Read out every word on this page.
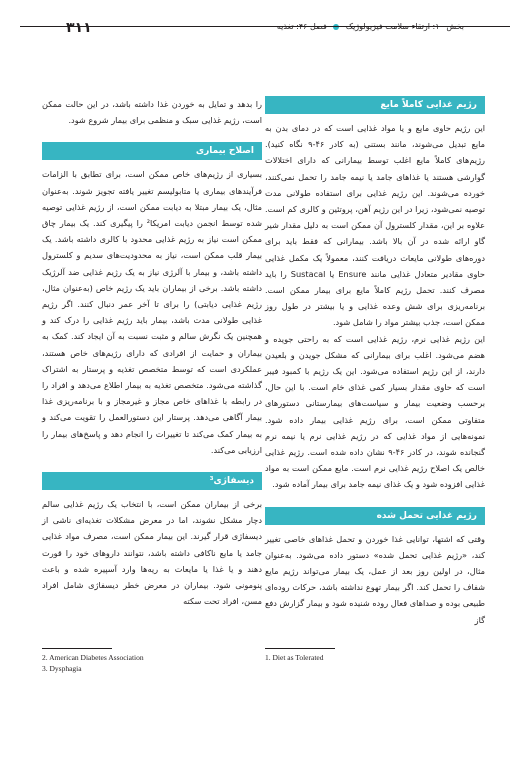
۳۱۱	بخش ۱۰: ارتقاء سلامت فیزیولوژیک  فصل ۴۶: تغذیه
رژیم غذایی کاملاً مایع

این رژیم حاوی مایع و یا مواد غذایی است که در دمای بدن به مایع تبدیل می‌شوند، مانند بستنی (به کادر ۴۶-۹ نگاه کنید). رژیم‌های کاملاً مایع اغلب توسط بیمارانی که دارای اختلالات گوارشی هستند یا غذاهای جامد یا نیمه جامد را تحمل نمی‌کنند، خورده می‌شوند. این رژیم غذایی برای استفاده طولانی مدت توصیه نمی‌شود، زیرا در این رژیم آهن، پروتئین و کالری کم است. علاوه بر این، مقدار کلسترول آن ممکن است به دلیل مقدار شیر گاو ارائه شده در آن بالا باشد. بیمارانی که فقط باید برای دوره‌های طولانی مایعات دریافت کنند، معمولاً یک مکمل غذایی حاوی مقادیر متعادل غذایی مانند Ensure یا Sustacal را باید مصرف کنند. تحمل رژیم کاملاً مایع برای بیمار ممکن است. برنامه‌ریزی برای شش وعده غذایی و یا بیشتر در طول روز ممکن است، جذب بیشتر مواد را شامل شود.

این رژیم غذایی نرم، رژیم غذایی است که به راحتی جویده و هضم می‌شود. اغلب برای بیمارانی که مشکل جویدن و بلعیدن دارند، از این رژیم استفاده می‌شود. این یک رژیم با کمبود فیبر است که حاوی مقدار بسیار کمی غذای خام است. با این حال، برحسب وضعیت بیمار و سیاست‌های بیمارستانی دستورهای متفاوتی ممکن است، برای رژیم غذایی بیمار داده شود. نمونه‌هایی از مواد غذایی که در رژیم غذایی نرم یا نیمه نرم گنجانده شوند، در کادر ۴۶-۹ نشان داده شده است. رژیم غذایی خالص یک اصلاح رژیم غذایی نرم است. مایع ممکن است به مواد غذایی افزوده شود و یک غذای نیمه جامد برای بیمار آماده شود.

رژیم غذایی تحمل شده

وقتی که اشتها، توانایی غذا خوردن و تحمل غذاهای خاصی تغییر کند، «رژیم غذایی تحمل شده» دستور داده می‌شود. به‌عنوان مثال، در اولین روز بعد از عمل، یک بیمار می‌تواند رژیم مایع شفاف را تحمل کند. اگر بیمار تهوع نداشته باشد، حرکات روده‌ای طبیعی بوده و صداهای فعال روده شنیده شود و بیمار گزارش دفع گاز

را بدهد و تمایل به خوردن غذا داشته باشد، در این حالت ممکن است، رژیم غذایی سبک و منظمی برای بیمار شروع شود.

اصلاح بیماری

بسیاری از رژیم‌های خاص ممکن است، برای تطابق با الزامات فرآیندهای بیماری یا متابولیسم تغییر یافته تجویز شوند. به‌عنوان مثال، یک بیمار مبتلا به دیابت ممکن است، از رژیم غذایی توصیه شده توسط انجمن دیابت امریکا² را پیگیری کند. یک بیمار چاق ممکن است نیاز به رژیم غذایی محدود با کالری داشته باشد. یک بیمار قلب ممکن است، نیاز به محدودیت‌های سدیم و کلسترول داشته باشد، و بیمار با آلرژی نیاز به یک رژیم غذایی ضد آلرژیک داشته باشد. برخی از بیماران باید یک رژیم خاص (به‌عنوان مثال، رژیم غذایی دیابتی) را برای تا آخر عمر دنبال کنند. اگر رژیم غذایی طولانی مدت باشد، بیمار باید رژیم غذایی را درک کند و همچنین یک نگرش سالم و مثبت نسبت به آن ایجاد کند. کمک به بیماران و حمایت از افرادی که دارای رژیم‌های خاص هستند، عملکردی است که توسط متخصص تغذیه و پرستار به اشتراک گذاشته می‌شود. متخصص تغذیه به بیمار اطلاع می‌دهد و افراد را در رابطه با غذاهای خاص مجاز و غیرمجاز و با برنامه‌ریزی غذا بیمار آگاهی می‌دهد. پرستار این دستورالعمل را تقویت می‌کند و به بیمار کمک می‌کند تا تغییرات را انجام دهد و پاسخ‌های بیمار را ارزیابی می‌کند.

دیسفاژی³

برخی از بیماران ممکن است، با انتخاب یک رژیم غذایی سالم دچار مشکل نشوند، اما در معرض مشکلات تغذیه‌ای ناشی از دیسفاژی قرار گیرند. این بیمار ممکن است، مصرف مواد غذایی جامد یا مایع ناکافی داشته باشد، نتوانند داروهای خود را قورت دهند و یا غذا یا مایعات به ریه‌ها وارد آسپیره شده و باعث پنومونی شود. بیماران در معرض خطر دیسفاژی شامل افراد مسن، افراد تحت سکته

2. American Diabetes Association
3. Dysphagia
1. Diet as Tolerated
